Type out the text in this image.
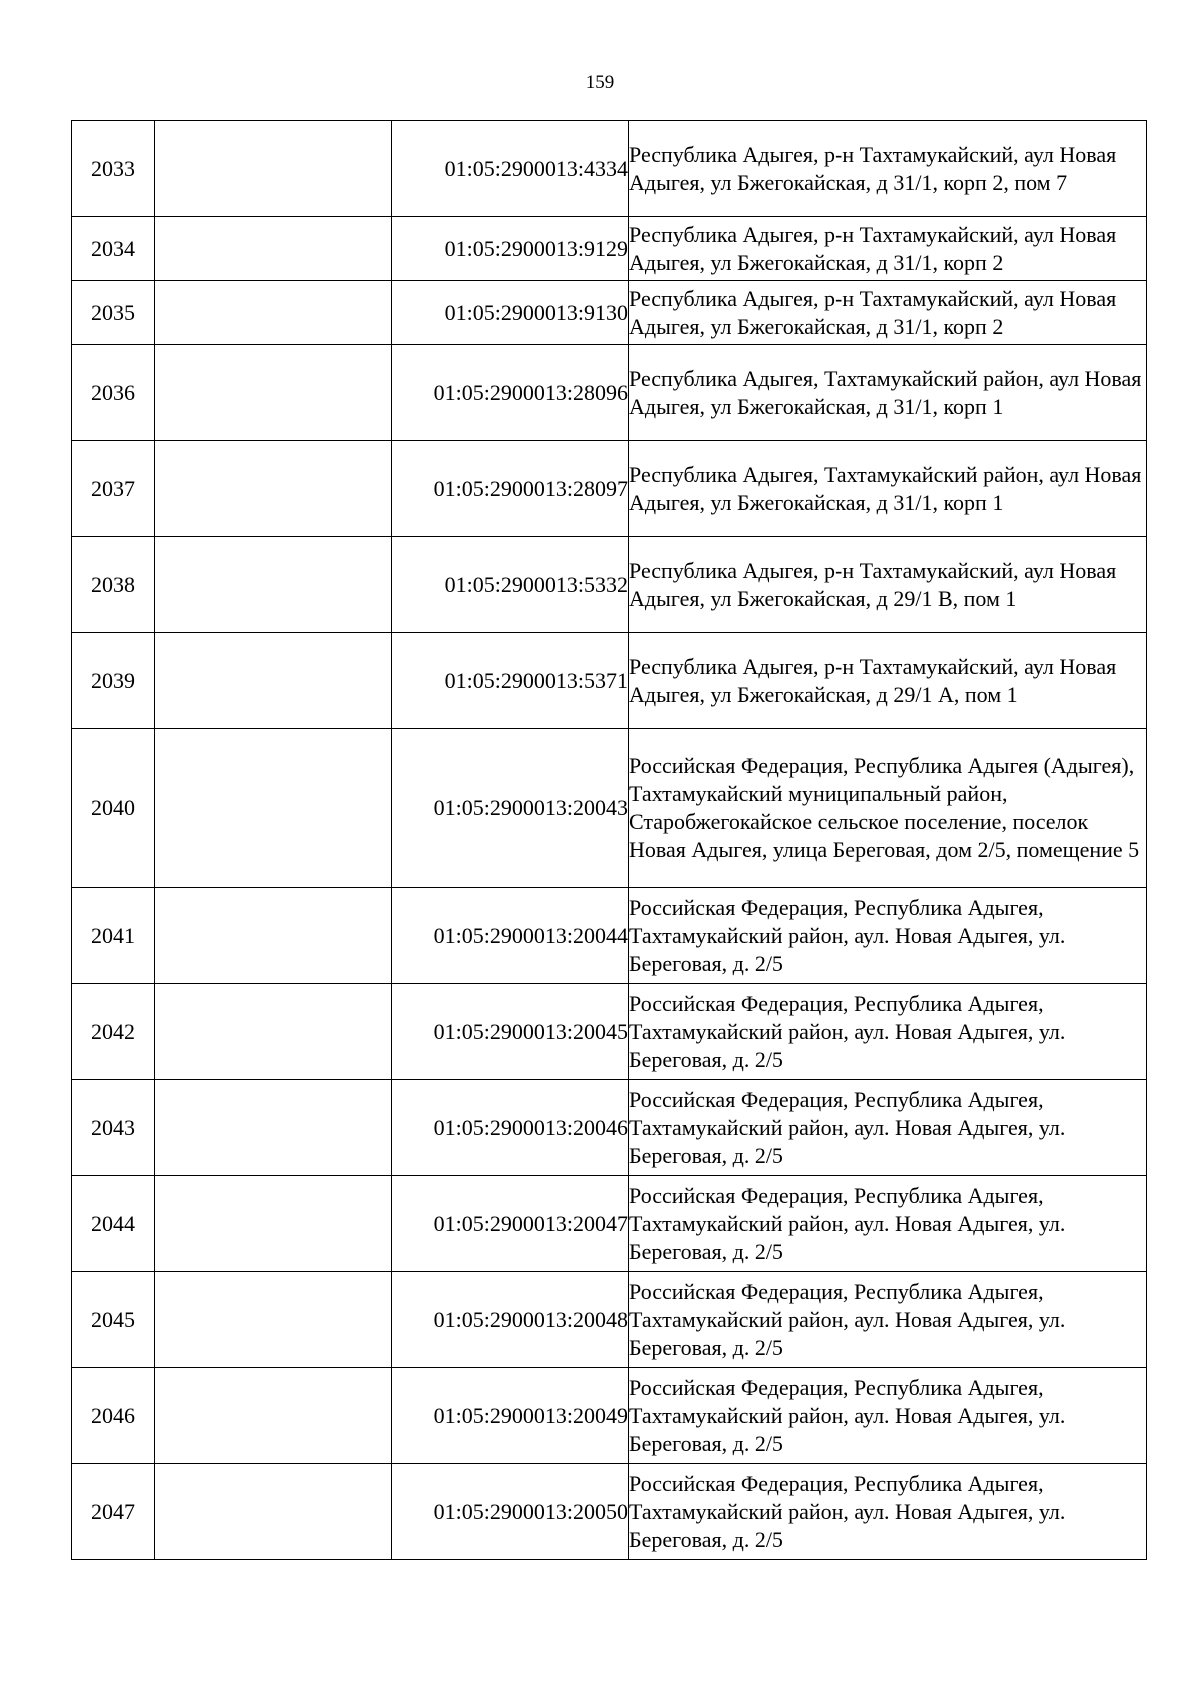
159
2033		01:05:2900013:4334	Республика Адыгея, р-н Тахтамукайский, аул Новая Адыгея, ул Бжегокайская, д 31/1, корп 2, пом 7
2034		01:05:2900013:9129	Республика Адыгея, р-н Тахтамукайский, аул Новая Адыгея, ул Бжегокайская, д 31/1, корп 2
2035		01:05:2900013:9130	Республика Адыгея, р-н Тахтамукайский, аул Новая Адыгея, ул Бжегокайская, д 31/1, корп 2
2036		01:05:2900013:28096	Республика Адыгея, Тахтамукайский район, аул Новая Адыгея, ул Бжегокайская, д 31/1, корп 1
2037		01:05:2900013:28097	Республика Адыгея, Тахтамукайский район, аул Новая Адыгея, ул Бжегокайская, д 31/1, корп 1
2038		01:05:2900013:5332	Республика Адыгея, р-н Тахтамукайский, аул Новая Адыгея, ул Бжегокайская, д 29/1 В, пом 1
2039		01:05:2900013:5371	Республика Адыгея, р-н Тахтамукайский, аул Новая Адыгея, ул Бжегокайская, д 29/1 А, пом 1
2040		01:05:2900013:20043	Российская Федерация, Республика Адыгея (Адыгея), Тахтамукайский муниципальный район, Старобжегокайское сельское поселение, поселок Новая Адыгея, улица Береговая, дом 2/5, помещение 5
2041		01:05:2900013:20044	Российская Федерация, Республика Адыгея, Тахтамукайский район, аул. Новая Адыгея, ул. Береговая, д. 2/5
2042		01:05:2900013:20045	Российская Федерация, Республика Адыгея, Тахтамукайский район, аул. Новая Адыгея, ул. Береговая, д. 2/5
2043		01:05:2900013:20046	Российская Федерация, Республика Адыгея, Тахтамукайский район, аул. Новая Адыгея, ул. Береговая, д. 2/5
2044		01:05:2900013:20047	Российская Федерация, Республика Адыгея, Тахтамукайский район, аул. Новая Адыгея, ул. Береговая, д. 2/5
2045		01:05:2900013:20048	Российская Федерация, Республика Адыгея, Тахтамукайский район, аул. Новая Адыгея, ул. Береговая, д. 2/5
2046		01:05:2900013:20049	Российская Федерация, Республика Адыгея, Тахтамукайский район, аул. Новая Адыгея, ул. Береговая, д. 2/5
2047		01:05:2900013:20050	Российская Федерация, Республика Адыгея, Тахтамукайский район, аул. Новая Адыгея, ул. Береговая, д. 2/5
